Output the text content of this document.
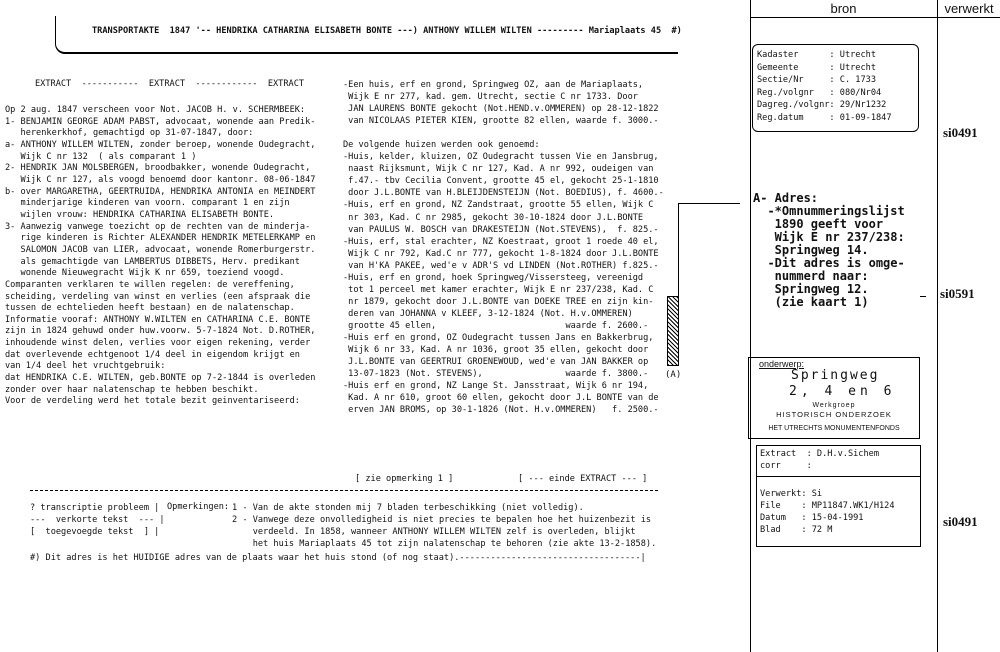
bron	verwerkt
TRANSPORTAKTE  1847 '-- HENDRIKA CATHARINA ELISABETH BONTE ---) ANTHONY WILLEM WILTEN --------- Mariaplaats 45  #)
EXTRACT  -----------  EXTRACT  ------------  EXTRACT
Op 2 aug. 1847 verscheen voor Not. JACOB H. v. SCHERMBEEK:
1- BENJAMIN GEORGE ADAM PABST, advocaat, wonende aan Predik-
herenkerkhof, gemachtigd op 31-07-1847, door:
a- ANTHONY WILLEM WILTEN, zonder beroep, wonende Oudegracht,
Wijk C nr 132  ( als comparant 1 )
2- HENDRIK JAN MOLSBERGEN, broodbakker, wonende Oudegracht,
Wijk C nr 127, als voogd benoemd door kantonr. 08-06-1847
b- over MARGARETHA, GEERTRUIDA, HENDRIKA ANTONIA en MEINDERT
minderjarige kinderen van voorn. comparant 1 en zijn
wijlen vrouw: HENDRIKA CATHARINA ELISABETH BONTE.
3- Aanwezig vanwege toezicht op de rechten van de minderja-
rige kinderen is Richter ALEXANDER HENDRIK METELERKAMP en
SALOMON JACOB van LIER, advocaat, wonende Romerburgerstr.
als gemachtigde van LAMBERTUS DIBBETS, Herv. predikant
wonende Nieuwegracht Wijk K nr 659, toeziend voogd.
Comparanten verklaren te willen regelen: de vereffening,
scheiding, verdeling van winst en verlies (een afspraak die
tussen de echtelieden heeft bestaan) en de nalatenschap.
Informatie vooraf: ANTHONY W.WILTEN en CATHARINA C.E. BONTE
zijn in 1824 gehuwd onder huw.voorw. 5-7-1824 Not. D.ROTHER,
inhoudende winst delen, verlies voor eigen rekening, verder
dat overlevende echtgenoot 1/4 deel in eigendom krijgt en
van 1/4 deel het vruchtgebruik:
dat HENDRIKA C.E. WILTEN, geb.BONTE op 7-2-1844 is overleden
zonder over haar nalatenschap te hebben beschikt.
Voor de verdeling werd het totale bezit geinventariseerd:
-Een huis, erf en grond, Springweg OZ, aan de Mariaplaats,
Wijk E nr 277, kad. gem. Utrecht, sectie C nr 1733. Door
JAN LAURENS BONTE gekocht (Not.HEND.v.OMMEREN) op 28-12-1822
van NICOLAAS PIETER KIEN, grootte 82 ellen, waarde f. 3000.-

De volgende huizen werden ook genoemd:
-Huis, kelder, kluizen, OZ Oudegracht tussen Vie en Jansbrug,
naast Rijksmunt, Wijk C nr 127, Kad. A nr 992, oudeigen van
f.47.- tbv Cecilia Convent, grootte 45 el, gekocht 25-1-1810
door J.L.BONTE van H.BLEIJDENSTEIJN (Not. BOEDIUS), f. 4600.-
-Huis, erf en grond, NZ Zandstraat, grootte 55 ellen, Wijk C
nr 303, Kad. C nr 2985, gekocht 30-10-1824 door J.L.BONTE
van PAULUS W. BOSCH van DRAKESTEIJN (Not.STEVENS),  f. 825.-
-Huis, erf, stal erachter, NZ Koestraat, groot 1 roede 40 el,
Wijk C nr 792, Kad.C nr 777, gekocht 1-8-1824 door J.L.BONTE
van H'KA PAKEE, wed'e v ADR'S vd LINDEN (Not.ROTHER) f.825.-
-Huis, erf en grond, hoek Springweg/Vissersteeg, vereenigd
tot 1 perceel met kamer erachter, Wijk E nr 237/238, Kad. C
nr 1879, gekocht door J.L.BONTE van DOEKE TREE en zijn kin-
deren van JOHANNA v KLEEF, 3-12-1824 (Not. H.v.OMMEREN)
grootte 45 ellen,                         waarde f. 2600.-
-Huis erf en grond, OZ Oudegracht tussen Jans en Bakkerbrug,
Wijk 6 nr 33, Kad. A nr 1036, groot 35 ellen, gekocht door
J.L.BONTE van GEERTRUI GROENEWOUD, wed'e van JAN BAKKER op
13-07-1823 (Not. STEVENS),                waarde f. 3800.-
-Huis erf en grond, NZ Lange St. Jansstraat, Wijk 6 nr 194,
Kad. A nr 610, groot 60 ellen, gekocht door J.L BONTE van de
erven JAN BROMS, op 30-1-1826 (Not. H.v.OMMEREN)   f. 2500.-
(A)
[ zie opmerking 1 ]	[ --- einde EXTRACT --- ]
? transcriptie probleem |
---  verkorte tekst  --- |
[  toegevoegde tekst  ] |
Opmerkingen: 1 - Van de akte stonden mij 7 bladen terbeschikking (niet volledig).
2 - Vanwege deze onvolledigheid is niet precies te bepalen hoe het huizenbezit is
verdeeld. In 1858, wanneer ANTHONY WILLEM WILTEN zelf is overleden, blijkt
het huis Mariaplaats 45 tot zijn nalatenschap te behoren (zie akte 13-2-1858).
#) Dit adres is het HUIDIGE adres van de plaats waar het huis stond (of nog staat).-----------------------------------|
Kadaster      : Utrecht
Gemeente      : Utrecht
Sectie/Nr     : C. 1733
Reg./volgnr   : 080/Nr04
Dagreg./volgnr: 29/Nr1232
Reg.datum     : 01-09-1847
si0491
A- Adres:
-*Omnummeringslijst
1890 geeft voor
Wijk E nr 237/238:
Springweg 14.
-Dit adres is omge-
nummerd naar:
Springweg 12.
(zie kaart 1)
si0591
onderwerp:
Springweg
2, 4 en 6
Werkgroep
HISTORISCH ONDERZOEK
HET UTRECHTS MONUMENTENFONDS
Extract  : D.H.v.Sichem
corr     :
Verwerkt: Si
File    : MP11847.WK1/H124
Datum   : 15-04-1991
Blad    : 72 M
si0491
